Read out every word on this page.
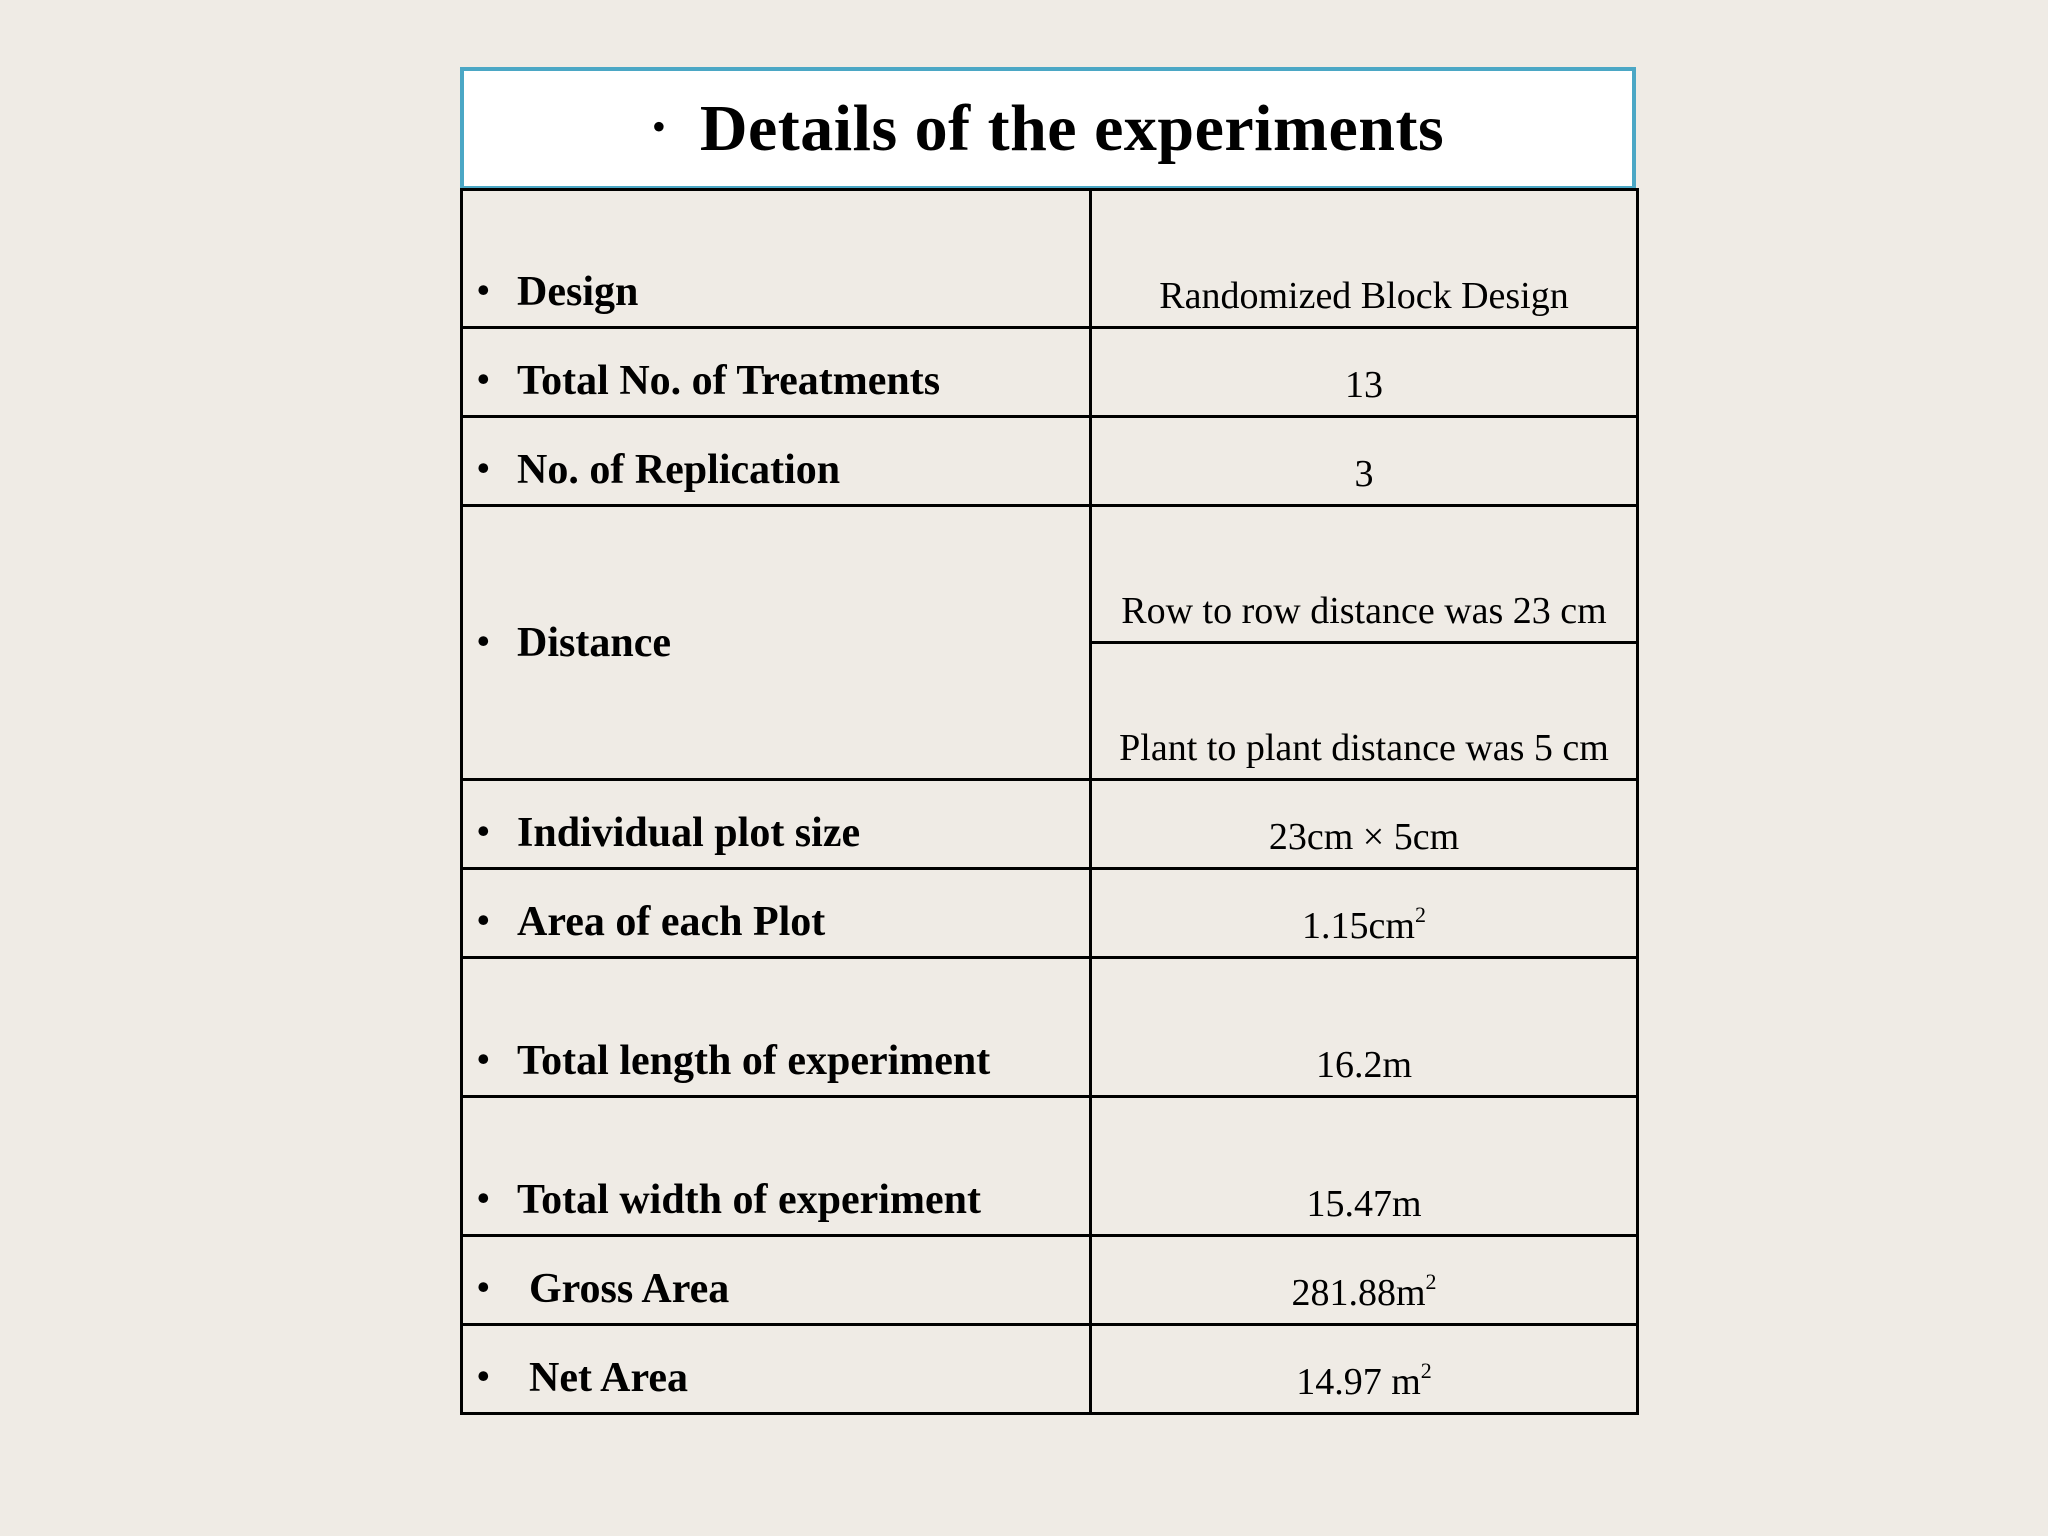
• Details of the experiments
• Design	Randomized Block Design
• Total No. of Treatments	13
• No. of Replication	3
• Distance	Row to row distance was 23 cm
	Plant to plant distance was 5 cm
• Individual plot size	23cm × 5cm
• Area of each Plot	$1.15cm^2$
• Total length of experiment	16.2m
• Total width of experiment	15.47m
• Gross Area	$281.88m^2$
• Net Area	14.97 $m^2$
